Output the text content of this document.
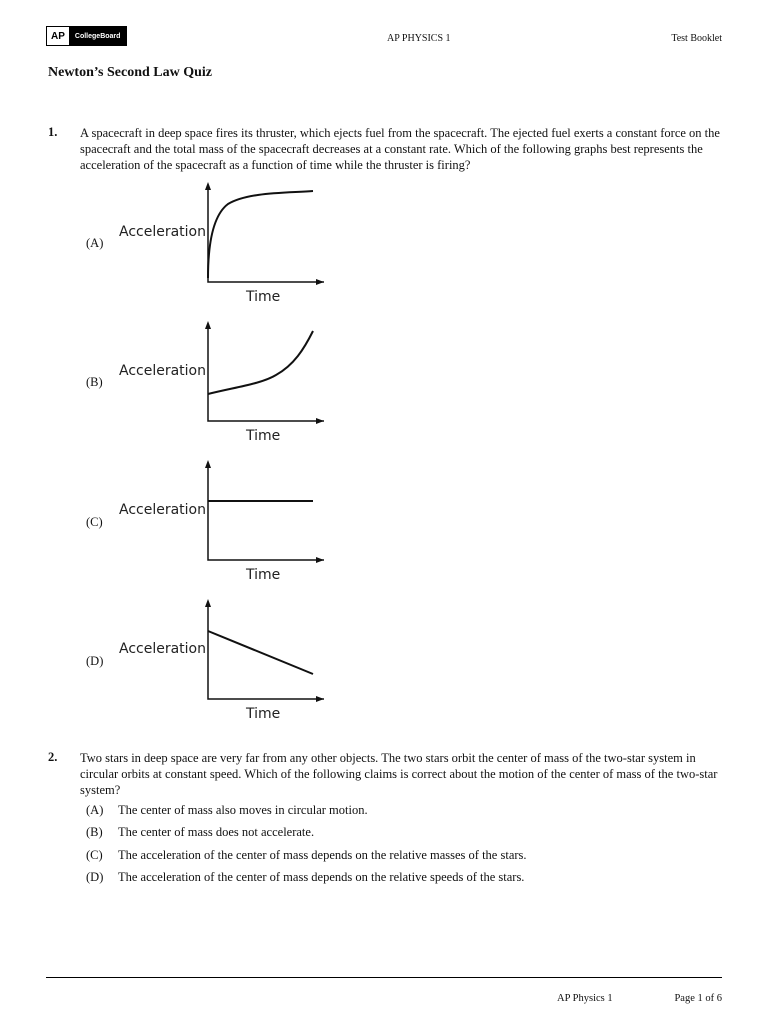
AP	CollegeBoard	AP PHYSICS 1	Test Booklet
Newton’s Second Law Quiz
1. A spacecraft in deep space fires its thruster, which ejects fuel from the spacecraft. The ejected fuel exerts a constant force on the spacecraft and the total mass of the spacecraft decreases at a constant rate. Which of the following graphs best represents the acceleration of the spacecraft as a function of time while the thruster is firing?
(A)
Acceleration
Time
(B)
Acceleration
Time
(C)
Acceleration
Time
(D)
Acceleration
Time
2. Two stars in deep space are very far from any other objects. The two stars orbit the center of mass of the two-star system in circular orbits at constant speed. Which of the following claims is correct about the motion of the center of mass of the two-star system?
(A)	The center of mass also moves in circular motion.
(B)	The center of mass does not accelerate.
(C)	The acceleration of the center of mass depends on the relative masses of the stars.
(D)	The acceleration of the center of mass depends on the relative speeds of the stars.
AP Physics 1	Page 1 of 6
